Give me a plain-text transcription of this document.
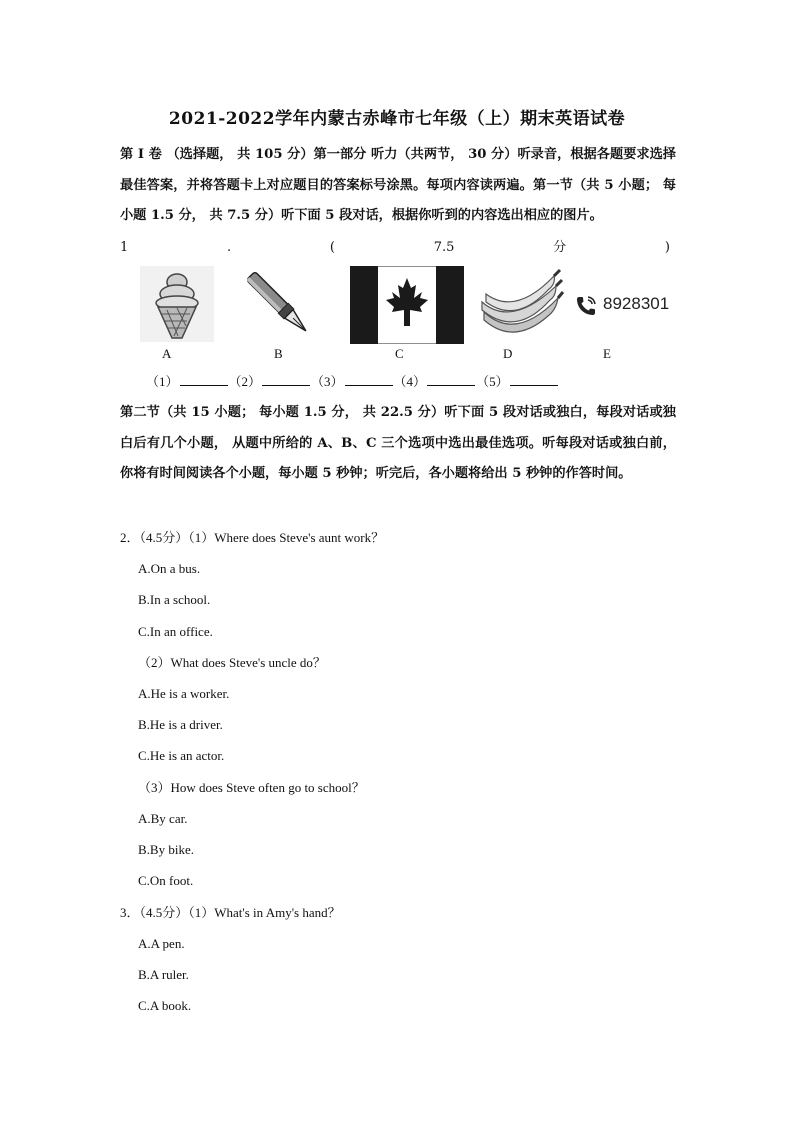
2021-2022学年内蒙古赤峰市七年级（上）期末英语试卷
第 Ⅰ 卷 （选择题， 共 105 分）第一部分 听力（共两节， 30 分）听录音，根据各题要求选择最佳答案，并将答题卡上对应题目的答案标号涂黑。每项内容读两遍。第一节（共 5 小题； 每小题 1.5 分， 共 7.5 分）听下面 5 段对话，根据你听到的内容选出相应的图片。
1	.	(	7.5	分	)
8928301
A	B	C	D	E
（1）	（2）	（3）	（4）	（5）
第二节（共 15 小题； 每小题 1.5 分， 共 22.5 分）听下面 5 段对话或独白，每段对话或独白后有几个小题， 从题中所给的 A、B、C 三个选项中选出最佳选项。听每段对话或独白前，你将有时间阅读各个小题，每小题 5 秒钟；听完后，各小题将给出 5 秒钟的作答时间。
2．（4.5分）（1）Where does Steve's aunt work？
A.On a bus.
B.In a school.
C.In an office.
（2）What does Steve's uncle do？
A.He is a worker.
B.He is a driver.
C.He is an actor.
（3）How does Steve often go to school？
A.By car.
B.By bike.
C.On foot.
3．（4.5分）（1）What's in Amy's hand？
A.A pen.
B.A ruler.
C.A book.
